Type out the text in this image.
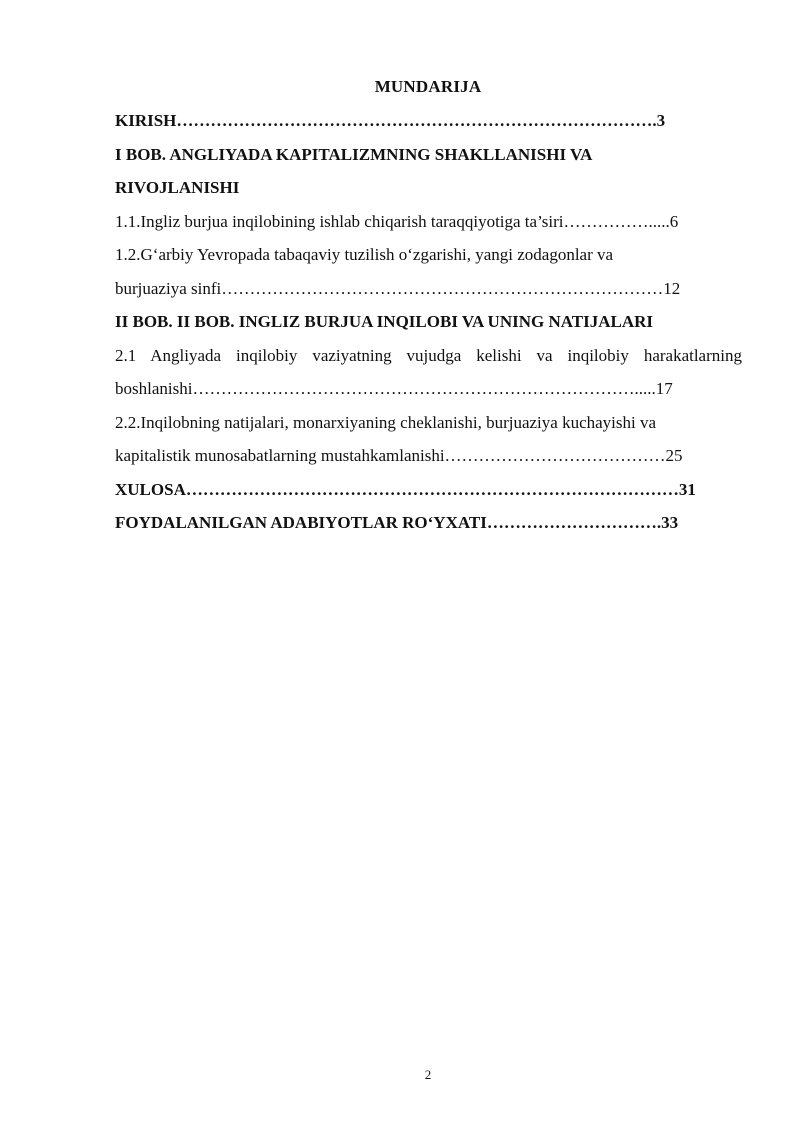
MUNDARIJA
KIRISH………………………………………………………………………….3
I BOB. ANGLIYADA KAPITALIZMNING SHAKLLANISHI VA
RIVOJLANISHI
1.1.Ingliz burjua inqilobining ishlab chiqarish taraqqiyotiga ta’siri…………….....6
1.2.G‘arbiy Yevropada tabaqaviy tuzilish o‘zgarishi, yangi zodagonlar va
burjuaziya sinfi……………………………………………………………………12
II BOB. II BOB. INGLIZ BURJUA INQILOBI VA UNING NATIJALARI
2.1 Angliyada inqilobiy vaziyatning vujudga kelishi va inqilobiy harakatlarning
boshlanishi…………………………………………………………………….....17
2.2.Inqilobning natijalari, monarxiyaning cheklanishi, burjuaziya kuchayishi va
kapitalistik munosabatlarning mustahkamlanishi…………………………………25
XULOSA……………………………………………………………………………31
FOYDALANILGAN ADABIYOTLAR RO‘YXATI………………………….33
2
